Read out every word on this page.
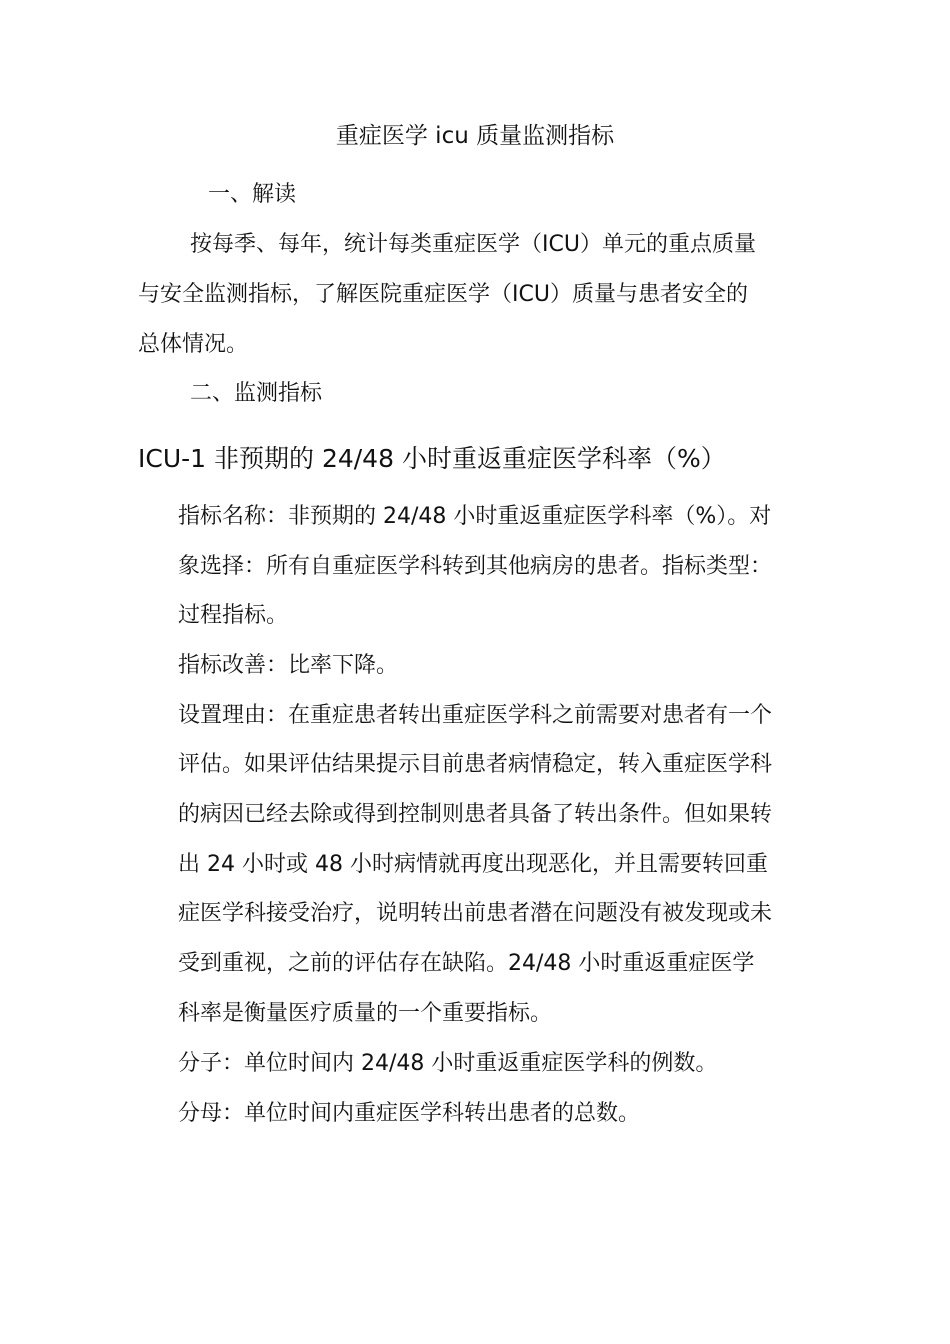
重症医学 icu 质量监测指标

一、解读

按每季、每年，统计每类重症医学（ICU）单元的重点质量

与安全监测指标，了解医院重症医学（ICU）质量与患者安全的

总体情况。

二、监测指标

ICU-1 非预期的 24/48 小时重返重症医学科率（%）

指标名称：非预期的 24/48 小时重返重症医学科率（%）。对

象选择：所有自重症医学科转到其他病房的患者。指标类型：

过程指标。

指标改善：比率下降。

设置理由：在重症患者转出重症医学科之前需要对患者有一个

评估。如果评估结果提示目前患者病情稳定，转入重症医学科

的病因已经去除或得到控制则患者具备了转出条件。但如果转

出 24 小时或 48 小时病情就再度出现恶化，并且需要转回重

症医学科接受治疗，说明转出前患者潜在问题没有被发现或未

受到重视，之前的评估存在缺陷。24/48 小时重返重症医学

科率是衡量医疗质量的一个重要指标。

分子：单位时间内 24/48 小时重返重症医学科的例数。

分母：单位时间内重症医学科转出患者的总数。
